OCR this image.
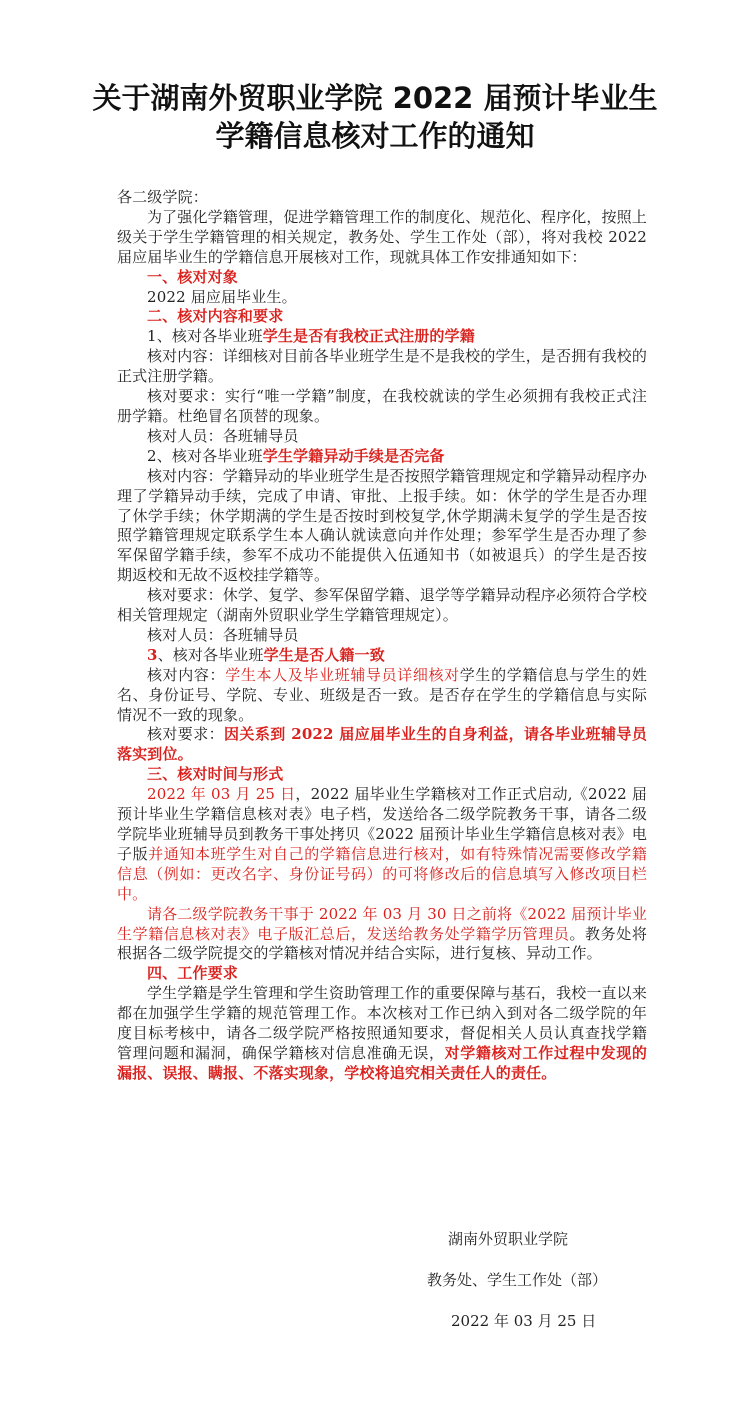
关于湖南外贸职业学院 2022 届预计毕业生
学籍信息核对工作的通知

各二级学院：

为了强化学籍管理，促进学籍管理工作的制度化、规范化、程序化，按照上级关于学生学籍管理的相关规定，教务处、学生工作处（部），将对我校 2022 届应届毕业生的学籍信息开展核对工作，现就具体工作安排通知如下：

一、核对对象

2022 届应届毕业生。

二、核对内容和要求

1、核对各毕业班学生是否有我校正式注册的学籍

核对内容：详细核对目前各毕业班学生是不是我校的学生，是否拥有我校的正式注册学籍。

核对要求：实行“唯一学籍”制度，在我校就读的学生必须拥有我校正式注册学籍。杜绝冒名顶替的现象。

核对人员：各班辅导员

2、核对各毕业班学生学籍异动手续是否完备

核对内容：学籍异动的毕业班学生是否按照学籍管理规定和学籍异动程序办理了学籍异动手续，完成了申请、审批、上报手续。如：休学的学生是否办理了休学手续；休学期满的学生是否按时到校复学,休学期满未复学的学生是否按照学籍管理规定联系学生本人确认就读意向并作处理；参军学生是否办理了参军保留学籍手续，参军不成功不能提供入伍通知书（如被退兵）的学生是否按期返校和无故不返校挂学籍等。

核对要求：休学、复学、参军保留学籍、退学等学籍异动程序必须符合学校相关管理规定（湖南外贸职业学生学籍管理规定）。

核对人员：各班辅导员

3、核对各毕业班学生是否人籍一致

核对内容：学生本人及毕业班辅导员详细核对学生的学籍信息与学生的姓名、身份证号、学院、专业、班级是否一致。是否存在学生的学籍信息与实际情况不一致的现象。

核对要求：因关系到 2022 届应届毕业生的自身利益，请各毕业班辅导员落实到位。

三、核对时间与形式

2022 年 03 月 25 日，2022 届毕业生学籍核对工作正式启动,《2022 届预计毕业生学籍信息核对表》电子档，发送给各二级学院教务干事，请各二级学院毕业班辅导员到教务干事处拷贝《2022 届预计毕业生学籍信息核对表》电子版并通知本班学生对自己的学籍信息进行核对，如有特殊情况需要修改学籍信息（例如：更改名字、身份证号码）的可将修改后的信息填写入修改项目栏中。

请各二级学院教务干事于 2022 年 03 月 30 日之前将《2022 届预计毕业生学籍信息核对表》电子版汇总后，发送给教务处学籍学历管理员。教务处将根据各二级学院提交的学籍核对情况并结合实际，进行复核、异动工作。

四、工作要求

学生学籍是学生管理和学生资助管理工作的重要保障与基石，我校一直以来都在加强学生学籍的规范管理工作。本次核对工作已纳入到对各二级学院的年度目标考核中，请各二级学院严格按照通知要求，督促相关人员认真查找学籍管理问题和漏洞，确保学籍核对信息准确无误，对学籍核对工作过程中发现的漏报、误报、瞒报、不落实现象，学校将追究相关责任人的责任。

湖南外贸职业学院

教务处、学生工作处（部）

2022 年 03 月 25 日
